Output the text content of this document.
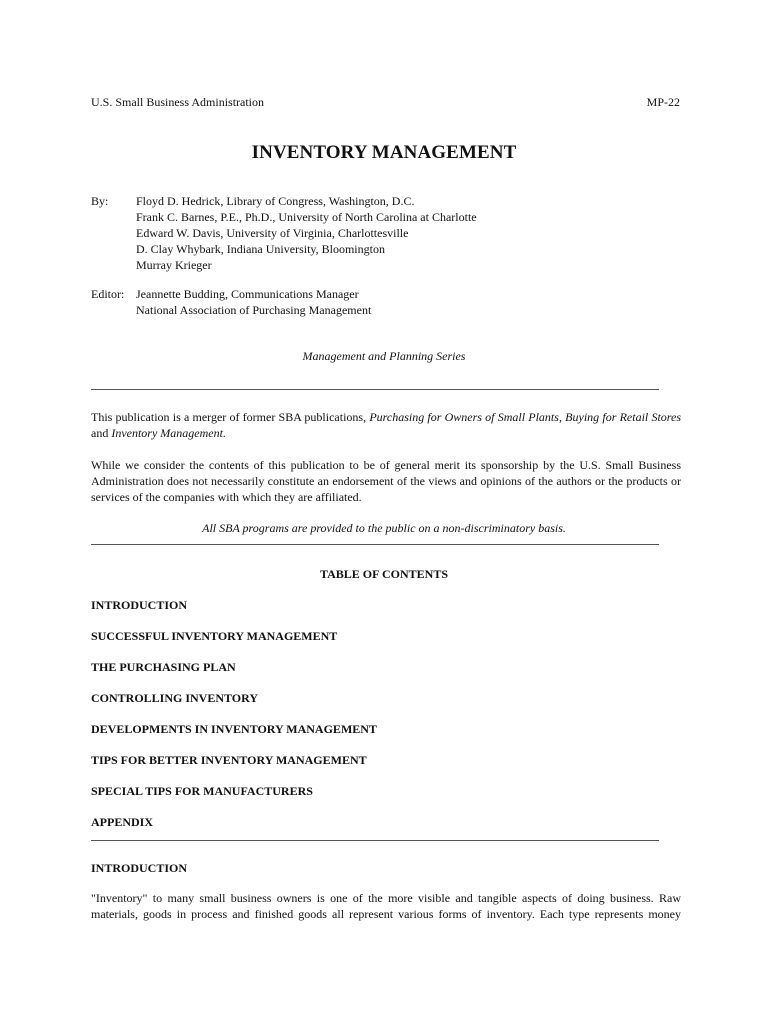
U.S. Small Business Administration	MP-22
INVENTORY MANAGEMENT
By: Floyd D. Hedrick, Library of Congress, Washington, D.C.
Frank C. Barnes, P.E., Ph.D., University of North Carolina at Charlotte
Edward W. Davis, University of Virginia, Charlottesville
D. Clay Whybark, Indiana University, Bloomington
Murray Krieger
Editor: Jeannette Budding, Communications Manager
National Association of Purchasing Management
Management and Planning Series
This publication is a merger of former SBA publications, Purchasing for Owners of Small Plants, Buying for Retail Stores and Inventory Management.
While we consider the contents of this publication to be of general merit its sponsorship by the U.S. Small Business Administration does not necessarily constitute an endorsement of the views and opinions of the authors or the products or services of the companies with which they are affiliated.
All SBA programs are provided to the public on a non-discriminatory basis.
TABLE OF CONTENTS
INTRODUCTION
SUCCESSFUL INVENTORY MANAGEMENT
THE PURCHASING PLAN
CONTROLLING INVENTORY
DEVELOPMENTS IN INVENTORY MANAGEMENT
TIPS FOR BETTER INVENTORY MANAGEMENT
SPECIAL TIPS FOR MANUFACTURERS
APPENDIX
INTRODUCTION
"Inventory" to many small business owners is one of the more visible and tangible aspects of doing business. Raw materials, goods in process and finished goods all represent various forms of inventory. Each type represents money
